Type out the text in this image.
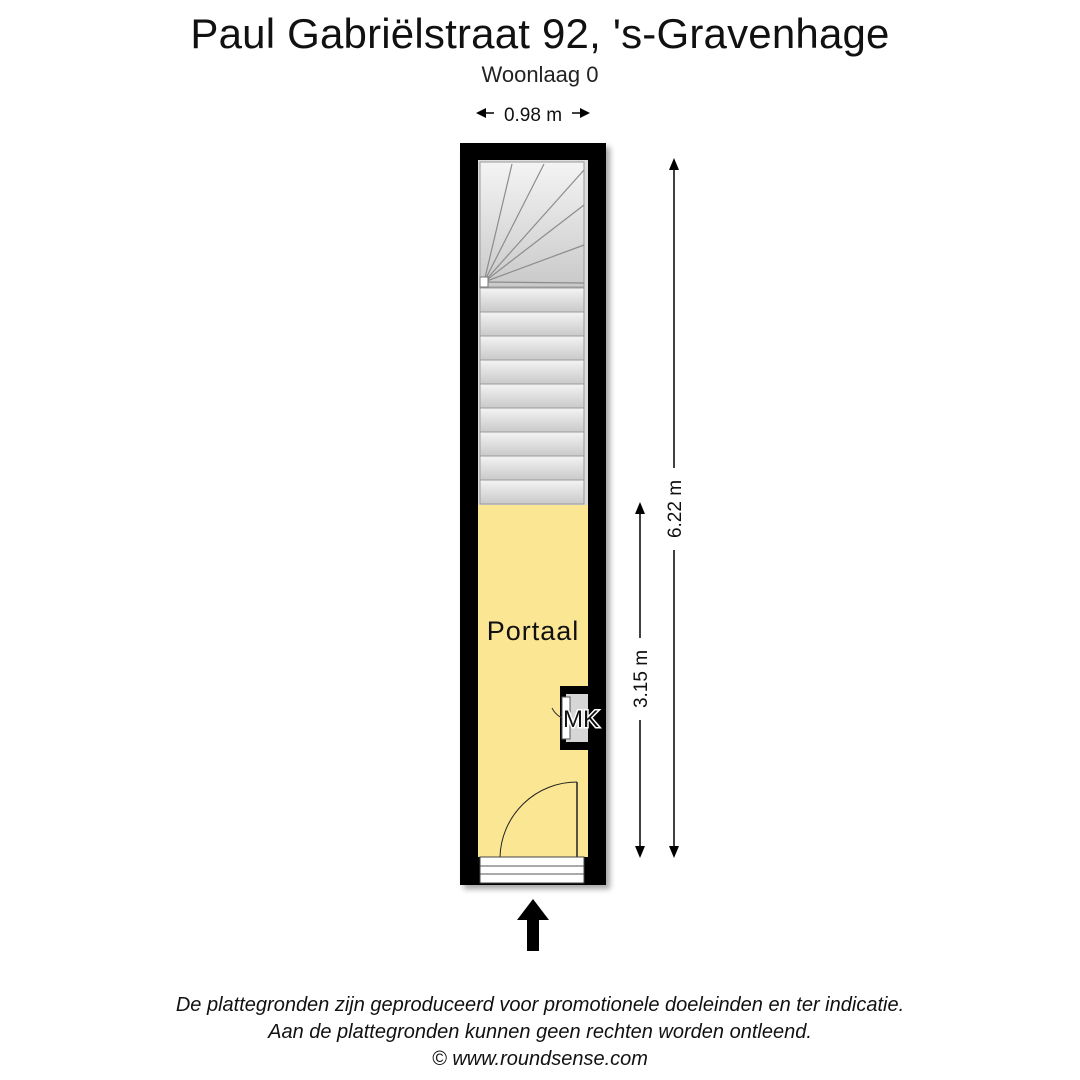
Paul Gabriëlstraat 92, 's-Gravenhage
Woonlaag 0
MK
Portaal
0.98 m
6.22 m
3.15 m
De plattegronden zijn geproduceerd voor promotionele doeleinden en ter indicatie.
Aan de plattegronden kunnen geen rechten worden ontleend.
© www.roundsense.com
